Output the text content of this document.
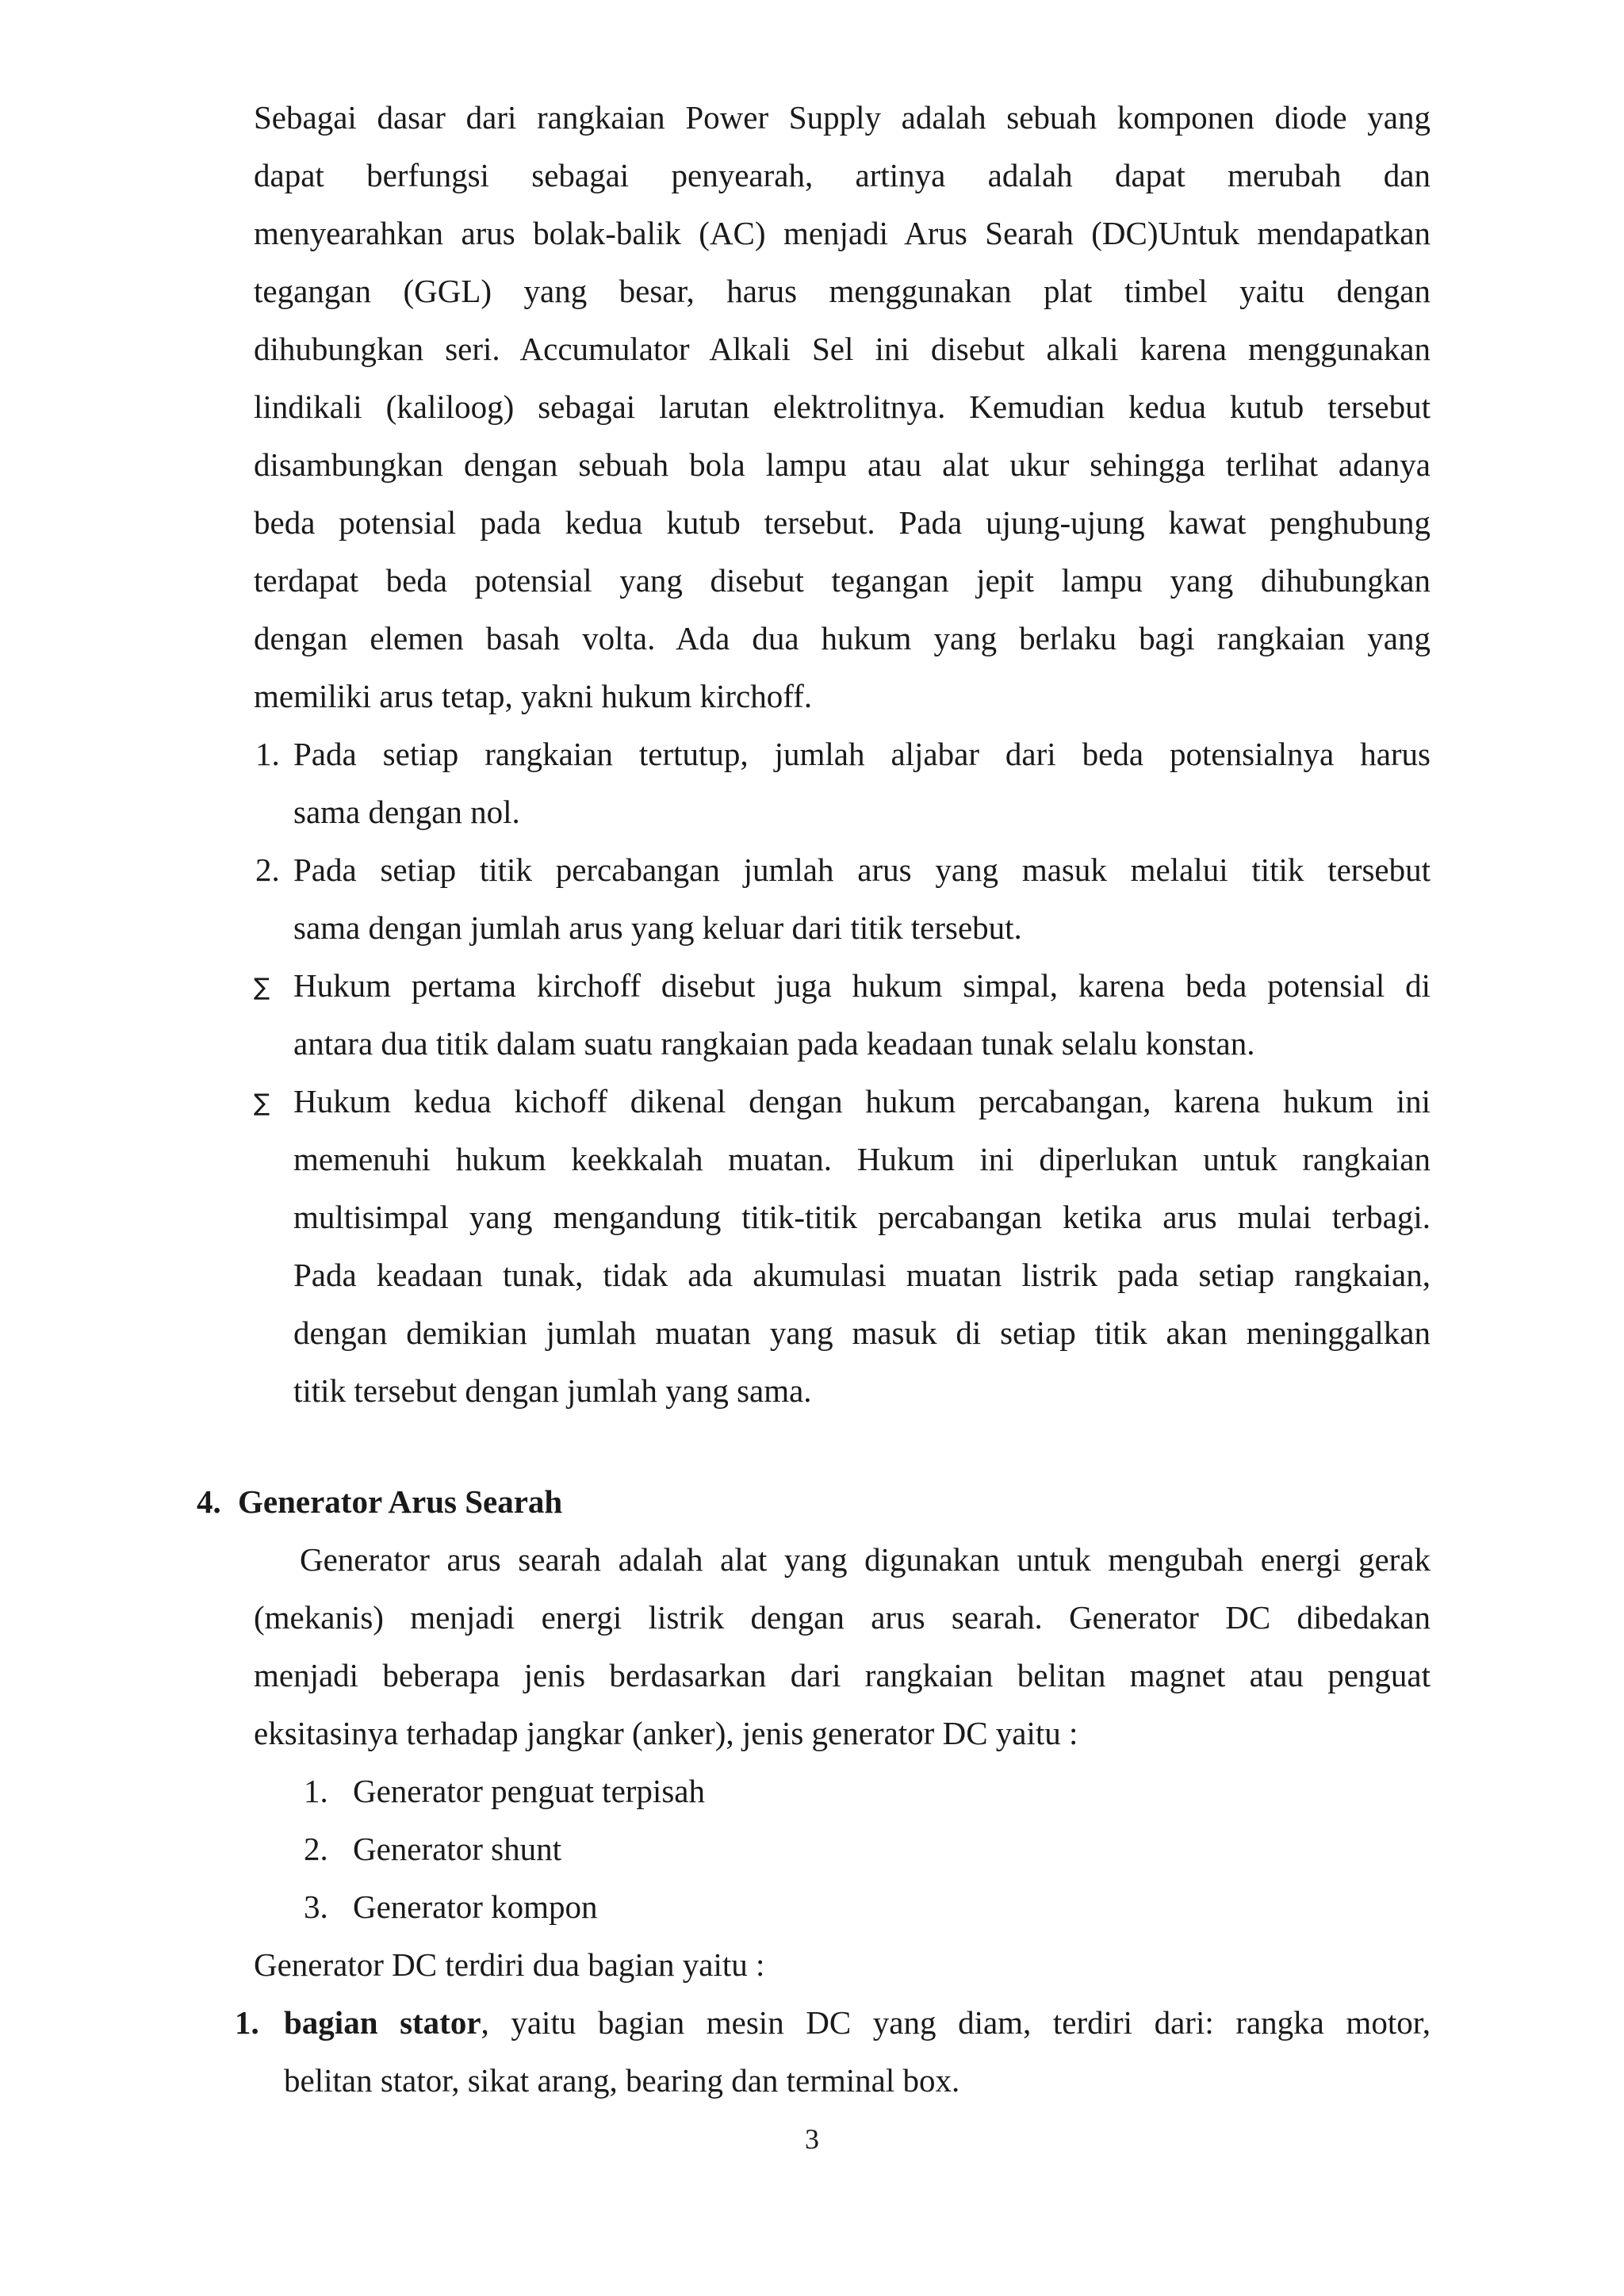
Sebagai dasar dari rangkaian Power Supply adalah sebuah komponen diode yang
dapat berfungsi sebagai penyearah, artinya adalah dapat merubah dan
menyearahkan arus bolak-balik (AC) menjadi Arus Searah (DC)Untuk mendapatkan
tegangan (GGL) yang besar, harus menggunakan plat timbel yaitu dengan
dihubungkan seri. Accumulator Alkali Sel ini disebut alkali karena menggunakan
lindikali (kaliloog) sebagai larutan elektrolitnya. Kemudian kedua kutub tersebut
disambungkan dengan sebuah bola lampu atau alat ukur sehingga terlihat adanya
beda potensial pada kedua kutub tersebut. Pada ujung-ujung kawat penghubung
terdapat beda potensial yang disebut tegangan jepit lampu yang dihubungkan
dengan elemen basah volta. Ada dua hukum yang berlaku bagi rangkaian yang
memiliki arus tetap, yakni hukum kirchoff.
1. Pada setiap rangkaian tertutup, jumlah aljabar dari beda potensialnya harus
sama dengan nol.
2. Pada setiap titik percabangan jumlah arus yang masuk melalui titik tersebut
sama dengan jumlah arus yang keluar dari titik tersebut.
∑ Hukum pertama kirchoff disebut juga hukum simpal, karena beda potensial di
antara dua titik dalam suatu rangkaian pada keadaan tunak selalu konstan.
∑ Hukum kedua kichoff dikenal dengan hukum percabangan, karena hukum ini
memenuhi hukum keekkalah muatan. Hukum ini diperlukan untuk rangkaian
multisimpal yang mengandung titik-titik percabangan ketika arus mulai terbagi.
Pada keadaan tunak, tidak ada akumulasi muatan listrik pada setiap rangkaian,
dengan demikian jumlah muatan yang masuk di setiap titik akan meninggalkan
titik tersebut dengan jumlah yang sama.
4. Generator Arus Searah
Generator arus searah adalah alat yang digunakan untuk mengubah energi gerak
(mekanis) menjadi energi listrik dengan arus searah. Generator DC dibedakan
menjadi beberapa jenis berdasarkan dari rangkaian belitan magnet atau penguat
eksitasinya terhadap jangkar (anker), jenis generator DC yaitu :
1. Generator penguat terpisah
2. Generator shunt
3. Generator kompon
Generator DC terdiri dua bagian yaitu :
1. bagian stator, yaitu bagian mesin DC yang diam, terdiri dari: rangka motor,
belitan stator, sikat arang, bearing dan terminal box.
3
